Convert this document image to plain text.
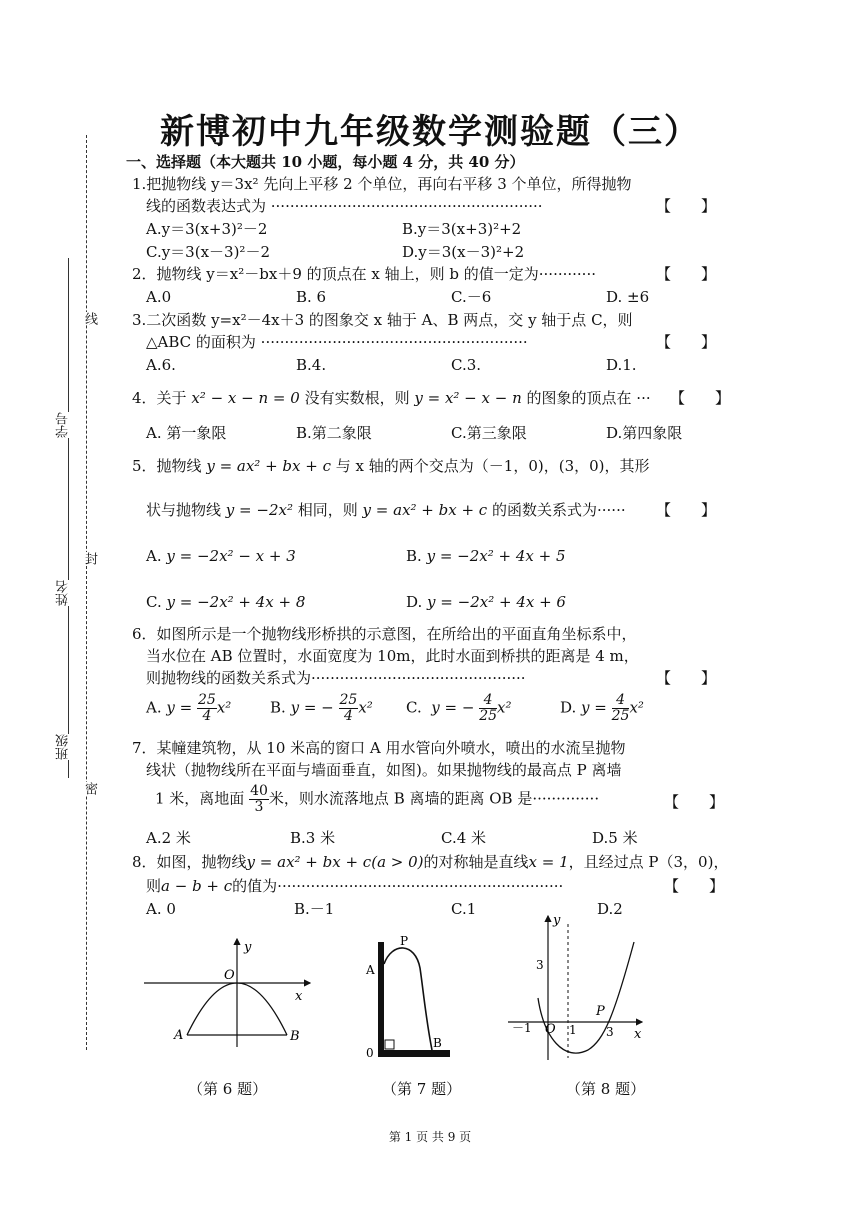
新博初中九年级数学测验题（三）
线
封
密
学号
姓名
班级
一、选择题（本大题共 10 小题，每小题 4 分，共 40 分）
1.把抛物线 y＝3x² 先向上平移 2 个单位，再向右平移 3 个单位，所得抛物
线的函数表达式为 ·························································	【　　】
A.y＝3(x+3)²－2	B.y＝3(x+3)²+2
C.y＝3(x－3)²－2	D.y＝3(x－3)²+2
2．抛物线 y＝x²－bx＋9 的顶点在 x 轴上，则 b 的值一定为············	【　　】
A.0	B. 6	C.－6	D. ±6
3.二次函数 y=x²－4x＋3 的图象交 x 轴于 A、B 两点，交 y 轴于点 C，则
△ABC 的面积为 ························································	【　　】
A.6.	B.4.	C.3.	D.1.
4．关于 x² − x − n = 0 没有实数根，则 y = x² − x − n 的图象的顶点在 ··· 【　　】
A. 第一象限	B.第二象限	C.第三象限	D.第四象限
5．抛物线 y = ax² + bx + c 与 x 轴的两个交点为（－1，0)，(3，0)，其形
状与抛物线 y = −2x² 相同，则 y = ax² + bx + c 的函数关系式为······ 【　　】
A. y = −2x² − x + 3	B. y = −2x² + 4x + 5
C. y = −2x² + 4x + 8	D. y = −2x² + 4x + 6
6．如图所示是一个抛物线形桥拱的示意图，在所给出的平面直角坐标系中，
当水位在 AB 位置时，水面宽度为 10m，此时水面到桥拱的距离是 4 m，
则抛物线的函数关系式为·············································	【　　】
A. $y = \frac{25}{4} x^2$	B. y = − $\frac{25}{4} x^2$ C. y = − $\frac{4}{25} x^2$	D. $y = \frac{4}{25} x^2$
7．某幢建筑物，从 10 米高的窗口 A 用水管向外喷水，喷出的水流呈抛物
线状（抛物线所在平面与墙面垂直，如图)。如果抛物线的最高点 P 离墙
1 米，离地面 $\frac{40}{3}$ 米，则水流落地点 B 离墙的距离 OB 是··············	【　　】
A.2 米	B.3 米	C.4 米	D.5 米
8．如图，抛物线y = ax² + bx + c(a > 0)的对称轴是直线x = 1，且经过点 P（3，0)，
则a − b + c的值为····························································	【　　】
A. 0	B.－1	C.1	D.2
y
x
O
A	B
（第 6 题）
P
A
B
0
（第 7 题）
y
x
O
－1	1 3
3
P
（第 8 题）
第 1 页 共 9 页
